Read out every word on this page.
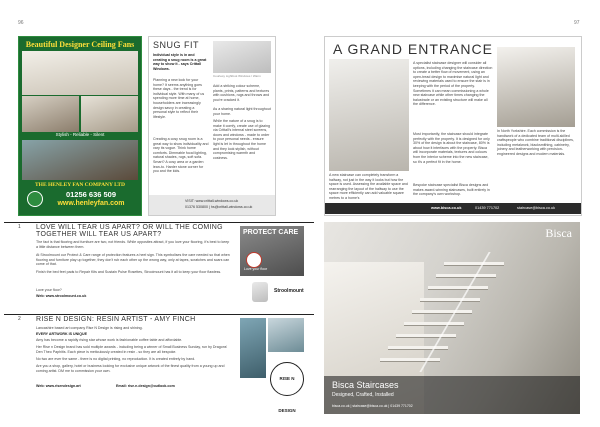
96	97
Beautiful Designer Ceiling Fans
Stylish - Reliable - Silent
THE HENLEY FAN COMPANY LTD
01256 636 509
www.henleyfan.com
SNUG FIT
Individual style is in and creating a snug room is a great way to show it - says Crittall Windows.
Courtesy Lightfoot Windows / Warm
Planning a new look for your home? It seems anything goes these days - the trend is for individual style. With many of us spending more time at home, householders are increasingly design savvy in creating a personal style to reflect their lifestyle.
Creating a cosy snug room is a great way to show individuality and vary its vogue. Think home comforts. Dimmable focal lighting, natural shades, rugs, soft sofa. Smart? A cosy area or a garden lean-to. Harder stone corner for you and the kids.
Add a striking colour scheme, plants, prints, patterns and textures with cushions, rugs and throws and you're cracked it.
As a sharing natural light throughout your home.
While the nature of a snug is to make it comfy, create use of glazing via Crittall's internal steel screens, doors and windows - made to order to your personal needs - ensure light is let in throughout the home and they look stylish, without compromising warmth and cosiness.
VISIT: www.crittall-windows.co.uk
01376 530800 | hs@crittall-windows.co.uk
1 LOVE WILL TEAR US APART? OR WILL THE COMING TOGETHER WILL TEAR US APART?
The fact is that flooring and furniture are two, not friends. While opposites attract, if you love your flooring, it's best to keep a little distance between them.
At Stroolmount our Protect & Care range of protection features a heel sign. This symbolises the care needed so that when flooring and furniture play up together, they don't rub each other up the wrong way, only at tapes, scratches and scars can come of that.
Finish the bed feet pads to Repair Kits and Sustain Pulse Rosettes, Strooimount has it all to keep your floor flawless.
Love your floor?
Web: www.stroolmount.co.uk
PROTECT CARE
Love your floor
Stroolmount
2 RISE N DESIGN: RESIN ARTIST - AMY FINCH
Lancashire based art company Rise N Design is rising and shining.
EVERY ARTWORK IS UNIQUE
Amy has become a rapidly rising star whose work is fashionable coffee table and affordable.
Her Rise n Design brand has sold multiple awards - including being a winner of Small Business Sunday, run by Dragons' Den Theo Paphitis. Each piece is meticulously created in resin - so they are all bespoke.
No two are ever the same - there is no digital printing, no reproduction. It is created entirely by hand.
Are you a shop, gallery, hotel or business looking for exclusive unique artwork of the finest quality from a young up and coming artist. DM me to commission your own.
Web: www.risendesign.art	Email: rise.n.design@outlook.com
RISE N DESIGN
A GRAND ENTRANCE
A new staircase can completely transform a hallway, not just in the way it looks but how the space is used. Assessing the available space and rearranging the layout of the hallway to use the space more efficiently can add valuable square metres to a home's
A specialist staircase designer will consider all options, including changing the staircase direction to create a better flow of movement, using an open-tread design to maximise natural light and reviewing materials used to ensure the stair is in keeping with the period of the property. Sometimes it can mean commissioning a whole new staircase while other times changing the balustrade or an existing structure will make all the difference.
Most importantly, the staircase should integrate perfectly with the property. It is designed for only 30% of the design is about the staircase, 80% is about how it interfaces with the property. Bisca will incorporate materials, textures and colours from the interior scheme into the new staircase, so it's a perfect fit in the home.
Bespoke staircase specialist Bisca designs and makes award-winning staircases, built entirely in the company's own workshop.
In North Yorkshire. Each commission is the handiwork of a dedicated team of multi-skilled craftspeople who combine traditional disciplines, including metalwork, blacksmithing, cabinetry, joinery and leatherworking with precision-engineered designs and modern materials.
www.bisca.co.uk	01439 771702	staircase@bisca.co.uk
Bisca
Bisca Staircases
Designed, Crafted, Installed
bisca.co.uk | staircase@bisca.co.uk | 01439 771702
